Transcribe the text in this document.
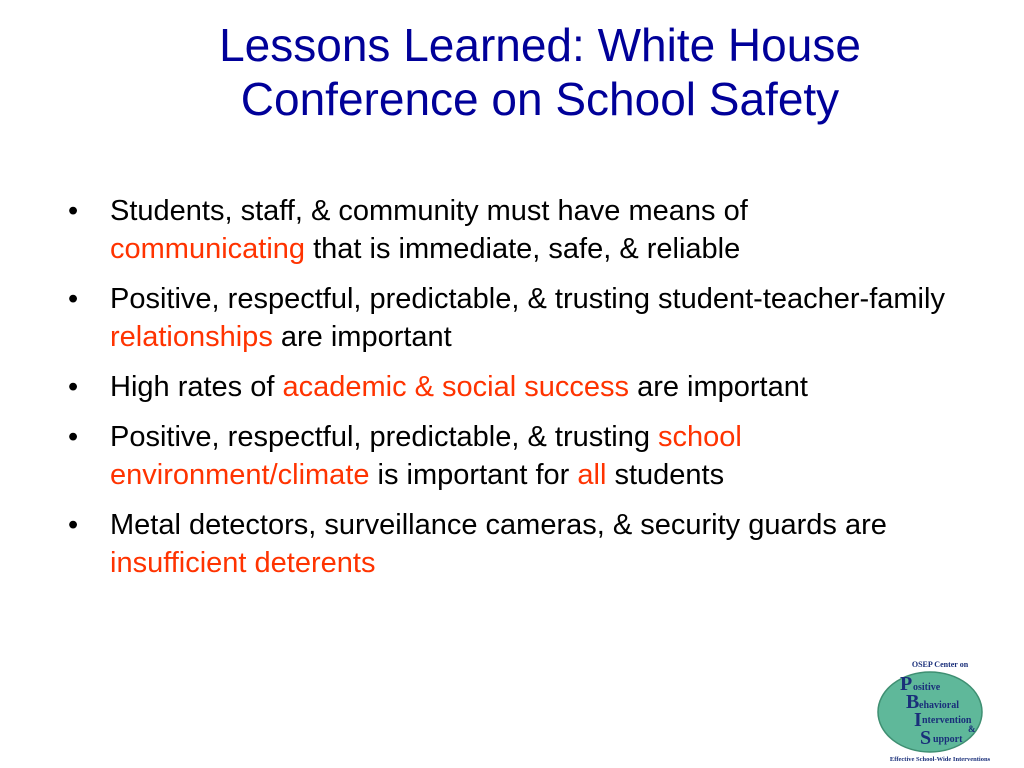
Lessons Learned: White House
Conference on School Safety
•	Students, staff, & community must have means of communicating that is immediate, safe, & reliable
•	Positive, respectful, predictable, & trusting student-teacher-family relationships are important
•	High rates of academic & social success are important
•	Positive, respectful, predictable, & trusting school environment/climate is important for all students
•	Metal detectors, surveillance cameras, & security guards are insufficient deterents
OSEP Center on
P ositive
B ehavioral
I ntervention
&
S upport
Effective School-Wide Interventions
